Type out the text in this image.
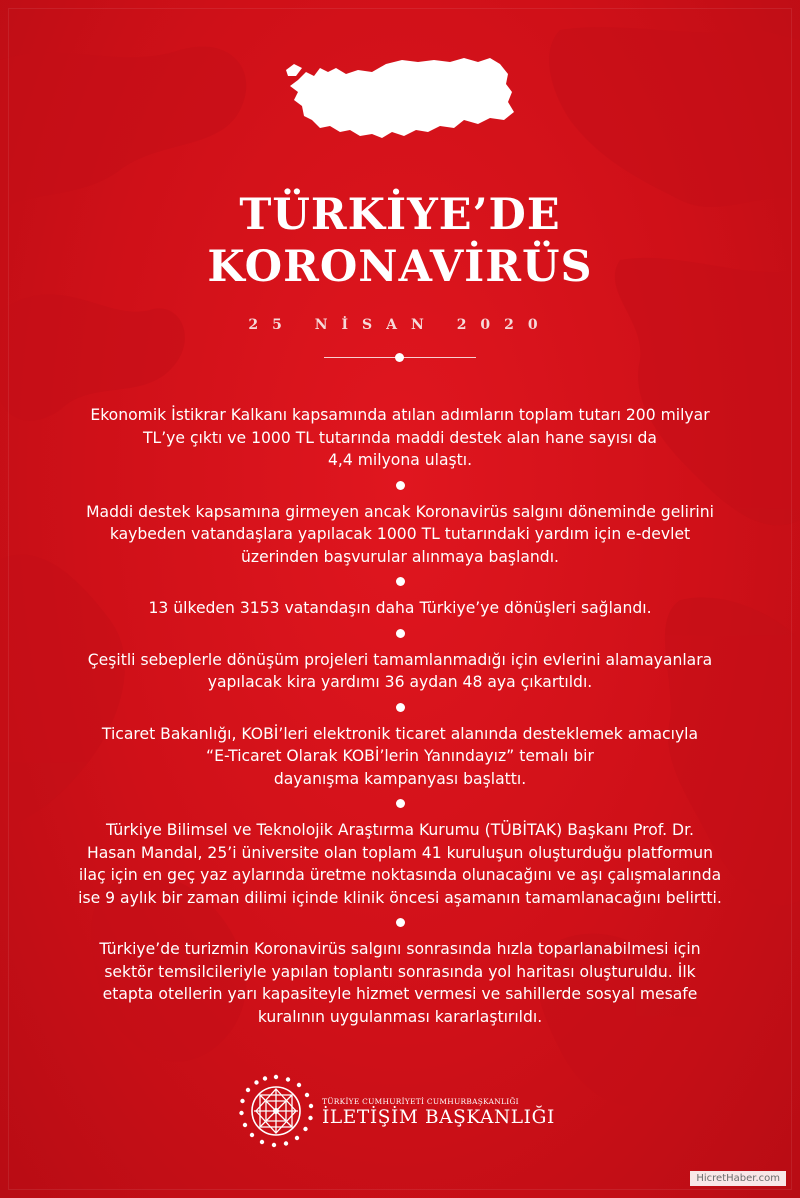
TÜRKİYE’DE
KORONAVİRÜS
25 NİSAN 2020

Ekonomik İstikrar Kalkanı kapsamında atılan adımların toplam tutarı 200 milyar

TL’ye çıktı ve 1000 TL tutarında maddi destek alan hane sayısı da

4,4 milyona ulaştı.

Maddi destek kapsamına girmeyen ancak Koronavirüs salgını döneminde gelirini

kaybeden vatandaşlara yapılacak 1000 TL tutarındaki yardım için e-devlet

üzerinden başvurular alınmaya başlandı.

13 ülkeden 3153 vatandaşın daha Türkiye’ye dönüşleri sağlandı.

Çeşitli sebeplerle dönüşüm projeleri tamamlanmadığı için evlerini alamayanlara

yapılacak kira yardımı 36 aydan 48 aya çıkartıldı.

Ticaret Bakanlığı, KOBİ’leri elektronik ticaret alanında desteklemek amacıyla

“E-Ticaret Olarak KOBİ’lerin Yanındayız” temalı bir

dayanışma kampanyası başlattı.

Türkiye Bilimsel ve Teknolojik Araştırma Kurumu (TÜBİTAK) Başkanı Prof. Dr.

Hasan Mandal, 25’i üniversite olan toplam 41 kuruluşun oluşturduğu platformun

ilaç için en geç yaz aylarında üretme noktasında olunacağını ve aşı çalışmalarında

ise 9 aylık bir zaman dilimi içinde klinik öncesi aşamanın tamamlanacağını belirtti.

Türkiye’de turizmin Koronavirüs salgını sonrasında hızla toparlanabilmesi için

sektör temsilcileriyle yapılan toplantı sonrasında yol haritası oluşturuldu. İlk

etapta otellerin yarı kapasiteyle hizmet vermesi ve sahillerde sosyal mesafe

kuralının uygulanması kararlaştırıldı.

TÜRKİYE CUMHURİYETİ CUMHURBAŞKANLIĞI
İLETİŞİM BAŞKANLIĞI
HicretHaber.com
